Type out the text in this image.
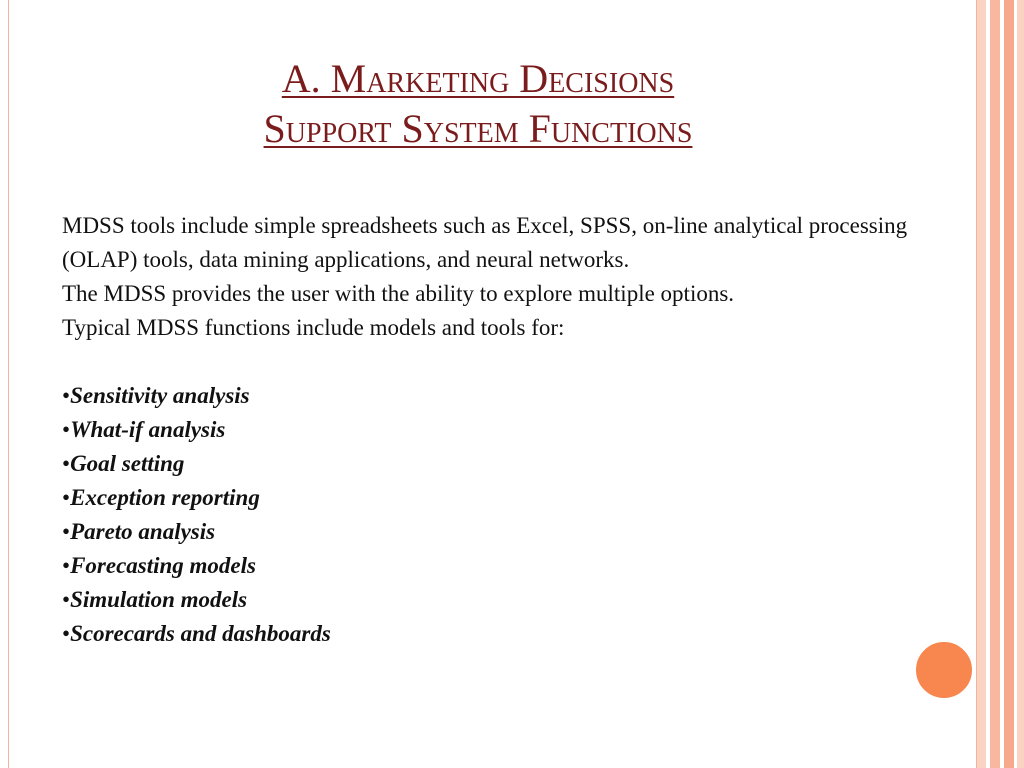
A. Marketing Decisions
Support System Functions

MDSS tools include simple spreadsheets such as Excel, SPSS, on-line analytical processing (OLAP) tools, data mining applications, and neural networks.

The MDSS provides the user with the ability to explore multiple options.

Typical MDSS functions include models and tools for:

•Sensitivity analysis
•What-if analysis
•Goal setting
•Exception reporting
•Pareto analysis
•Forecasting models
•Simulation models
•Scorecards and dashboards
